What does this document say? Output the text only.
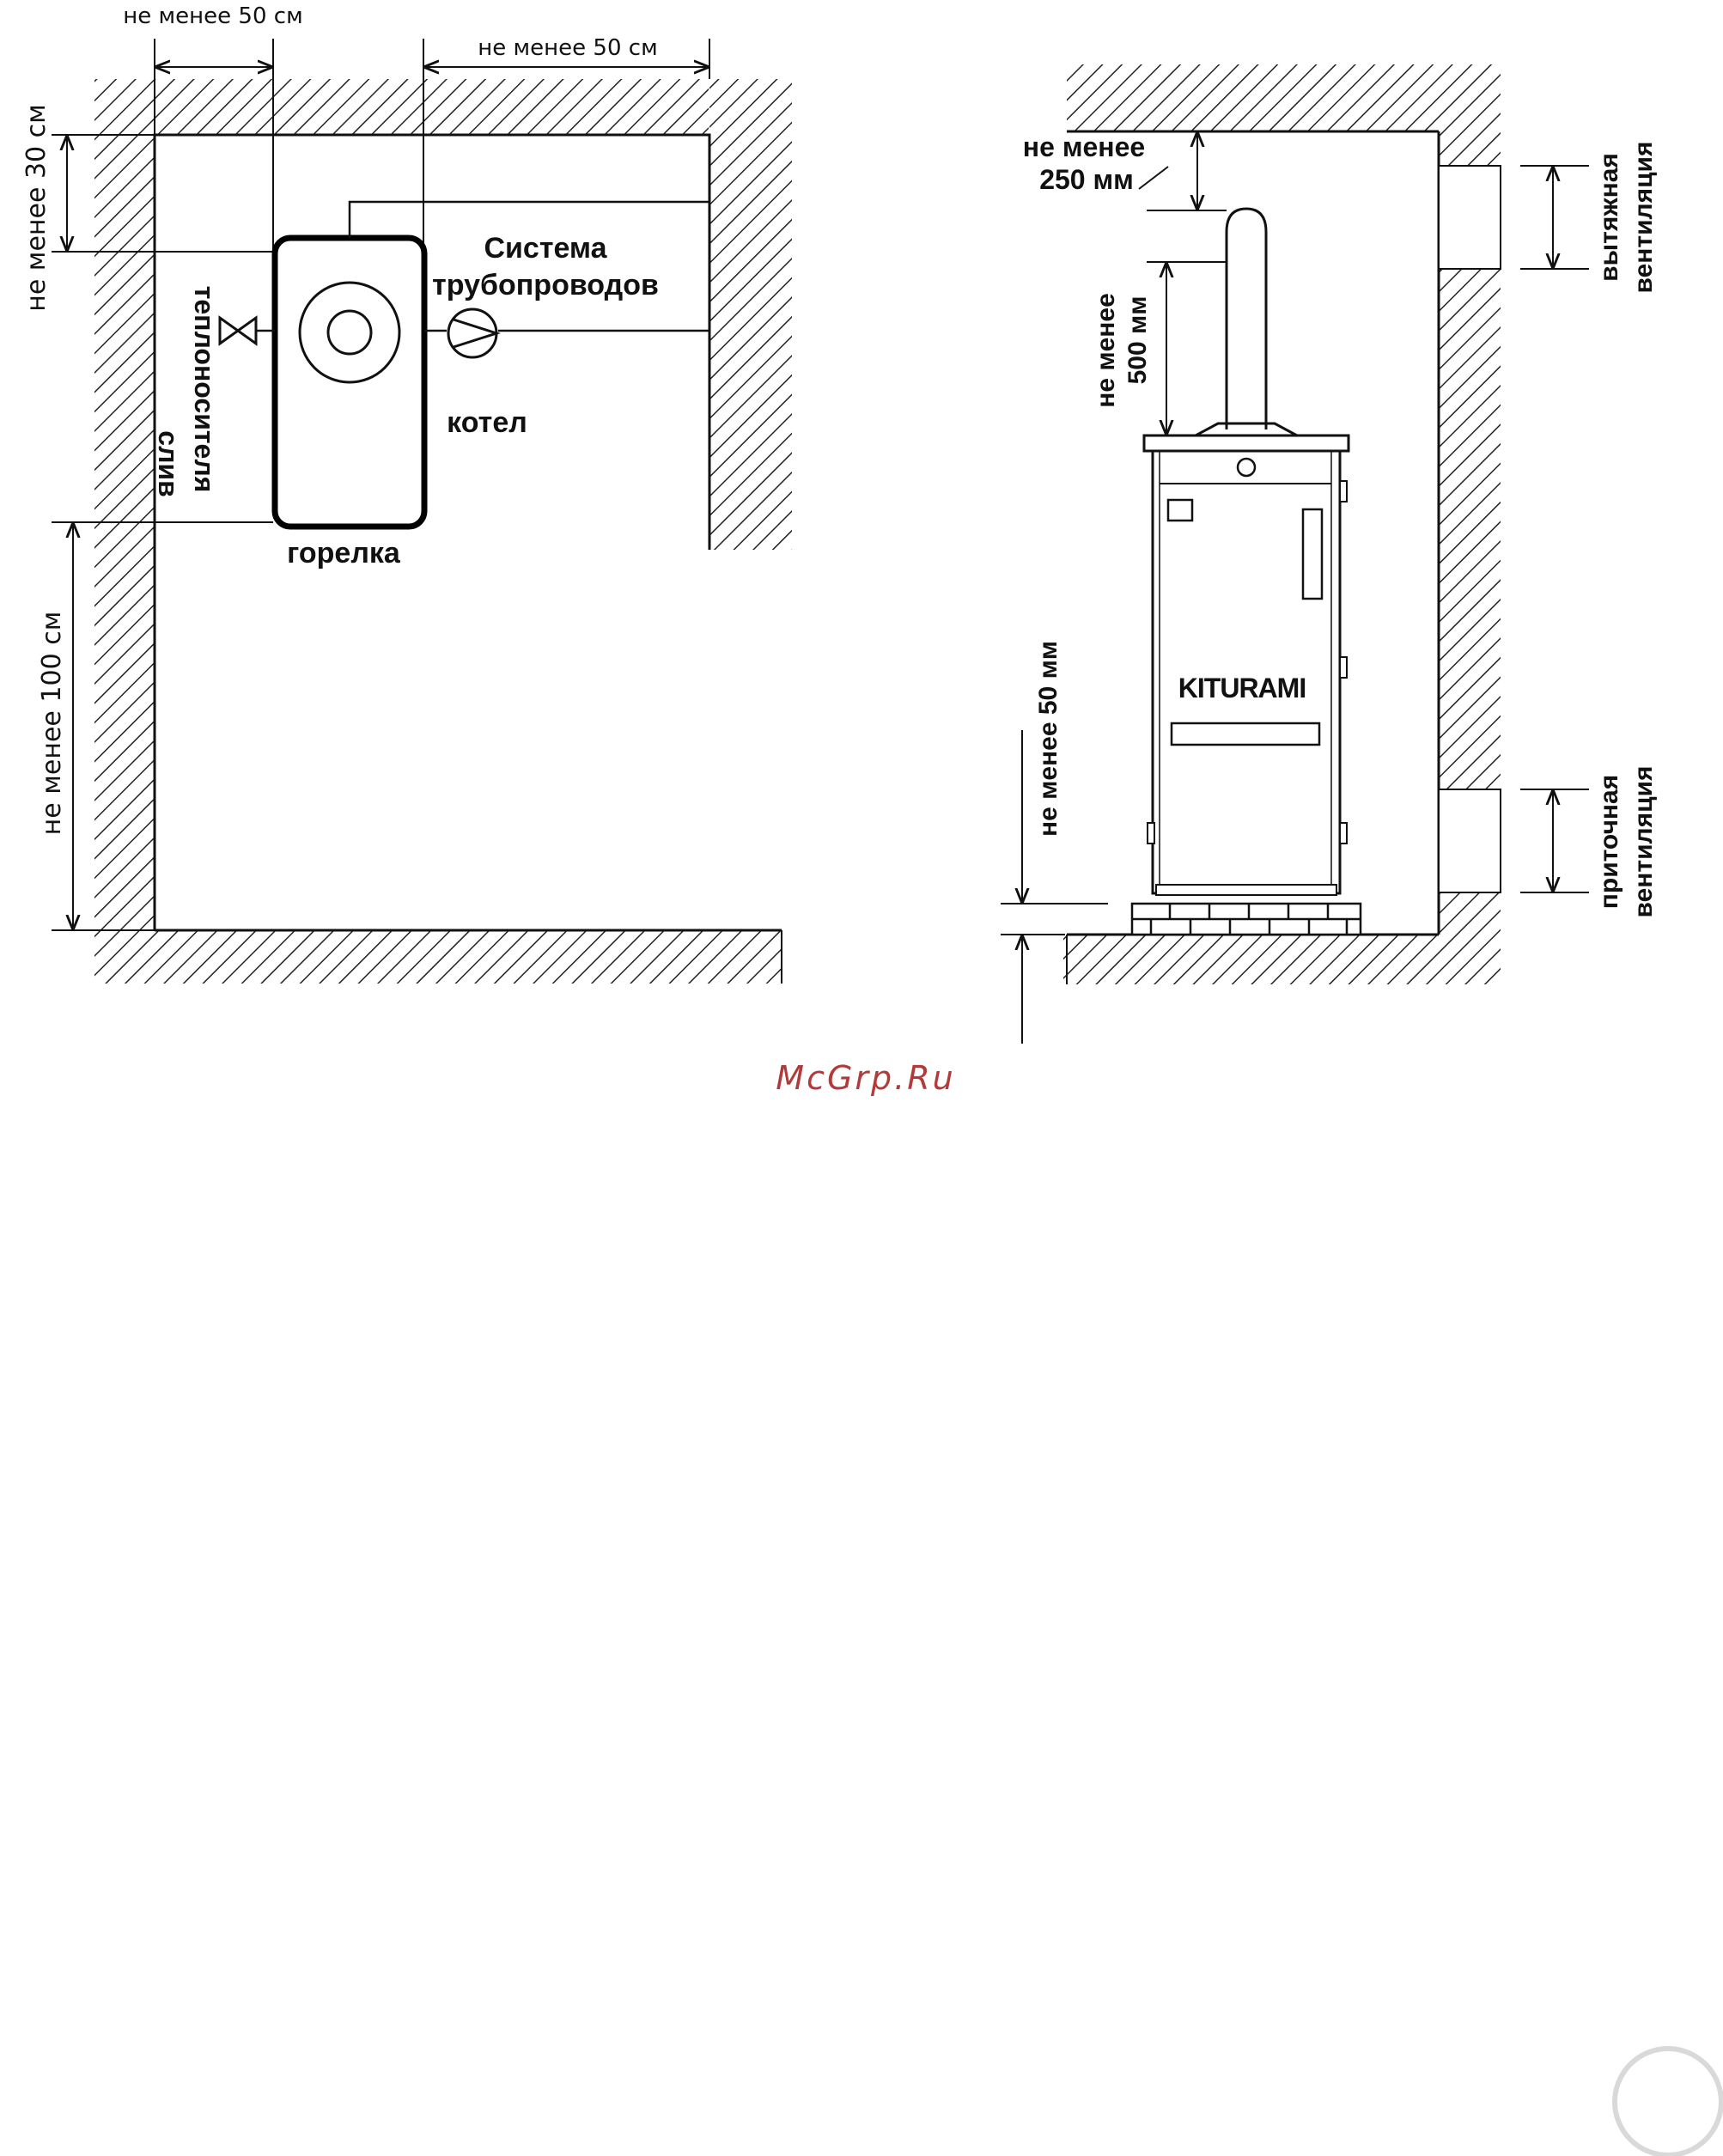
не менее 50 см
не менее 50 см
не менее 30 см
не менее 100 см
Система
трубопроводов
котел
горелка
слив теплоносителя
не менее
250 мм
не менее 500 мм
не менее 50 мм	KITURAMI
вытяжная вентиляция
приточная вентиляция
McGrp.Ru
